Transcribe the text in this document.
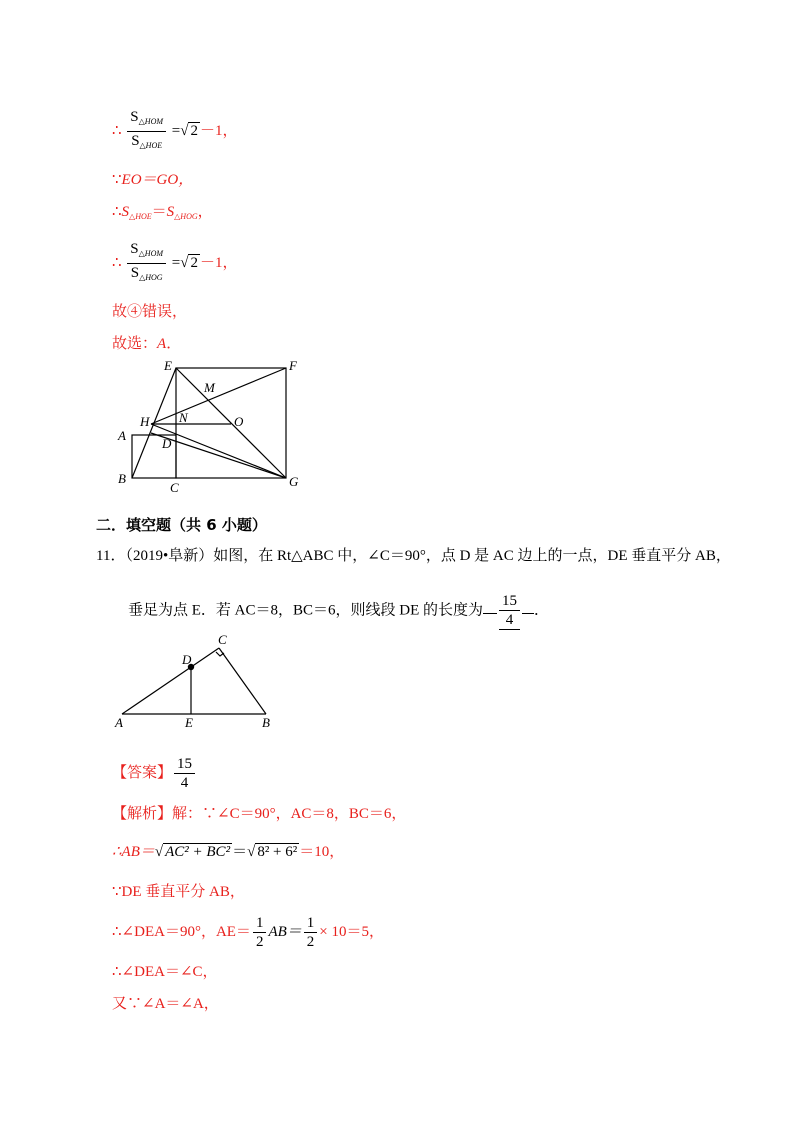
∴ $\frac{S_{\triangle HOM}}{S_{\triangle HOE}}$ =√ 2 －1，
∵EO＝GO，
$\therefore S_{\triangle HOE}=S_{\triangle HOG}$，
∴ $\frac{S_{\triangle HOM}}{S_{\triangle HOG}}$ =√ 2 －1，
故④错误，
故选：A．
E	F
M
H N	O
A
D
B
C	G
二．填空题（共 6 小题）
11．（2019•阜新）如图，在 Rt△ABC 中，∠C＝90°，点 D 是 AC 边上的一点，DE 垂直平分 AB，
垂足为点 E．若 AC＝8，BC＝6，则线段 DE 的长度为 $\frac{15}{4}$ ．
C
D
A	E	B
【答案】 $\frac{15}{4}$
【解析】解：∵∠C＝90°，AC＝8，BC＝6，
∴AB＝√ AC² + BC² ＝√ 8² + 6² ＝10，
∵DE 垂直平分 AB，
∴∠DEA＝90°，$AE= \frac{1}{2} AB= \frac{1}{2} \times 10=5$，
∴∠DEA＝∠C，
又∵∠A＝∠A，
